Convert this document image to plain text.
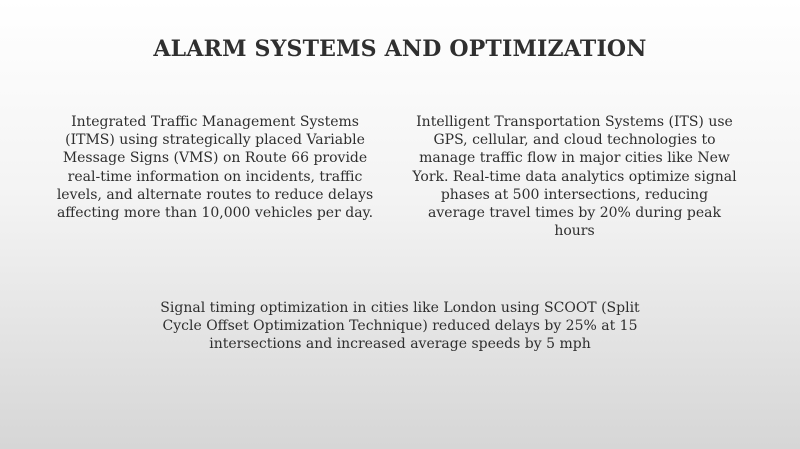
ALARM SYSTEMS AND OPTIMIZATION

Integrated Traffic Management Systems (ITMS) using strategically placed Variable Message Signs (VMS) on Route 66 provide real-time information on incidents, traffic levels, and alternate routes to reduce delays affecting more than 10,000 vehicles per day.

Intelligent Transportation Systems (ITS) use GPS, cellular, and cloud technologies to manage traffic flow in major cities like New York. Real-time data analytics optimize signal phases at 500 intersections, reducing average travel times by 20% during peak hours

Signal timing optimization in cities like London using SCOOT (Split Cycle Offset Optimization Technique) reduced delays by 25% at 15 intersections and increased average speeds by 5 mph
